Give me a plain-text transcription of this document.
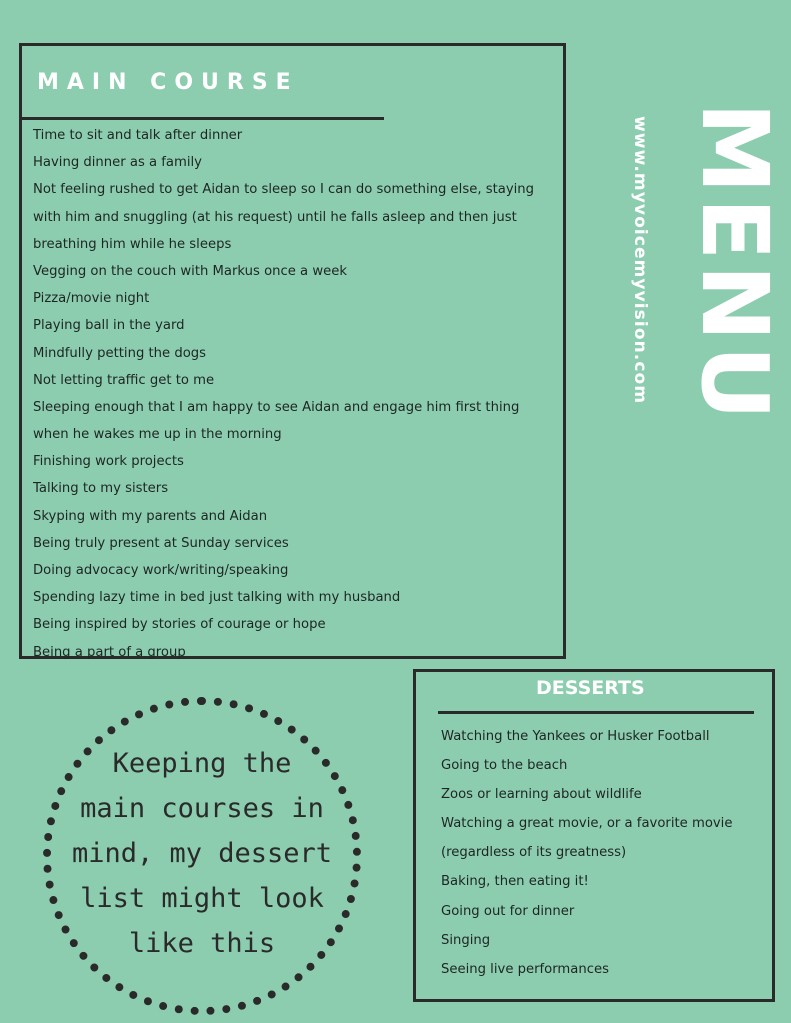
MAIN COURSE
Time to sit and talk after dinner
Having dinner as a family
Not feeling rushed to get Aidan to sleep so I can do something else, staying
with him and snuggling (at his request) until he falls asleep and then just
breathing him while he sleeps
Vegging on the couch with Markus once a week
Pizza/movie night
Playing ball in the yard
Mindfully petting the dogs
Not letting traffic get to me
Sleeping enough that I am happy to see Aidan and engage him first thing
when he wakes me up in the morning
Finishing work projects
Talking to my sisters
Skyping with my parents and Aidan
Being truly present at Sunday services
Doing advocacy work/writing/speaking
Spending lazy time in bed just talking with my husband
Being inspired by stories of courage or hope
Being a part of a group
www.myvoicemyvision.com MENU
Keeping the
main courses in
mind, my dessert
list might look
like this
DESSERTS
Watching the Yankees or Husker Football
Going to the beach
Zoos or learning about wildlife
Watching a great movie, or a favorite movie
(regardless of its greatness)
Baking, then eating it!
Going out for dinner
Singing
Seeing live performances
